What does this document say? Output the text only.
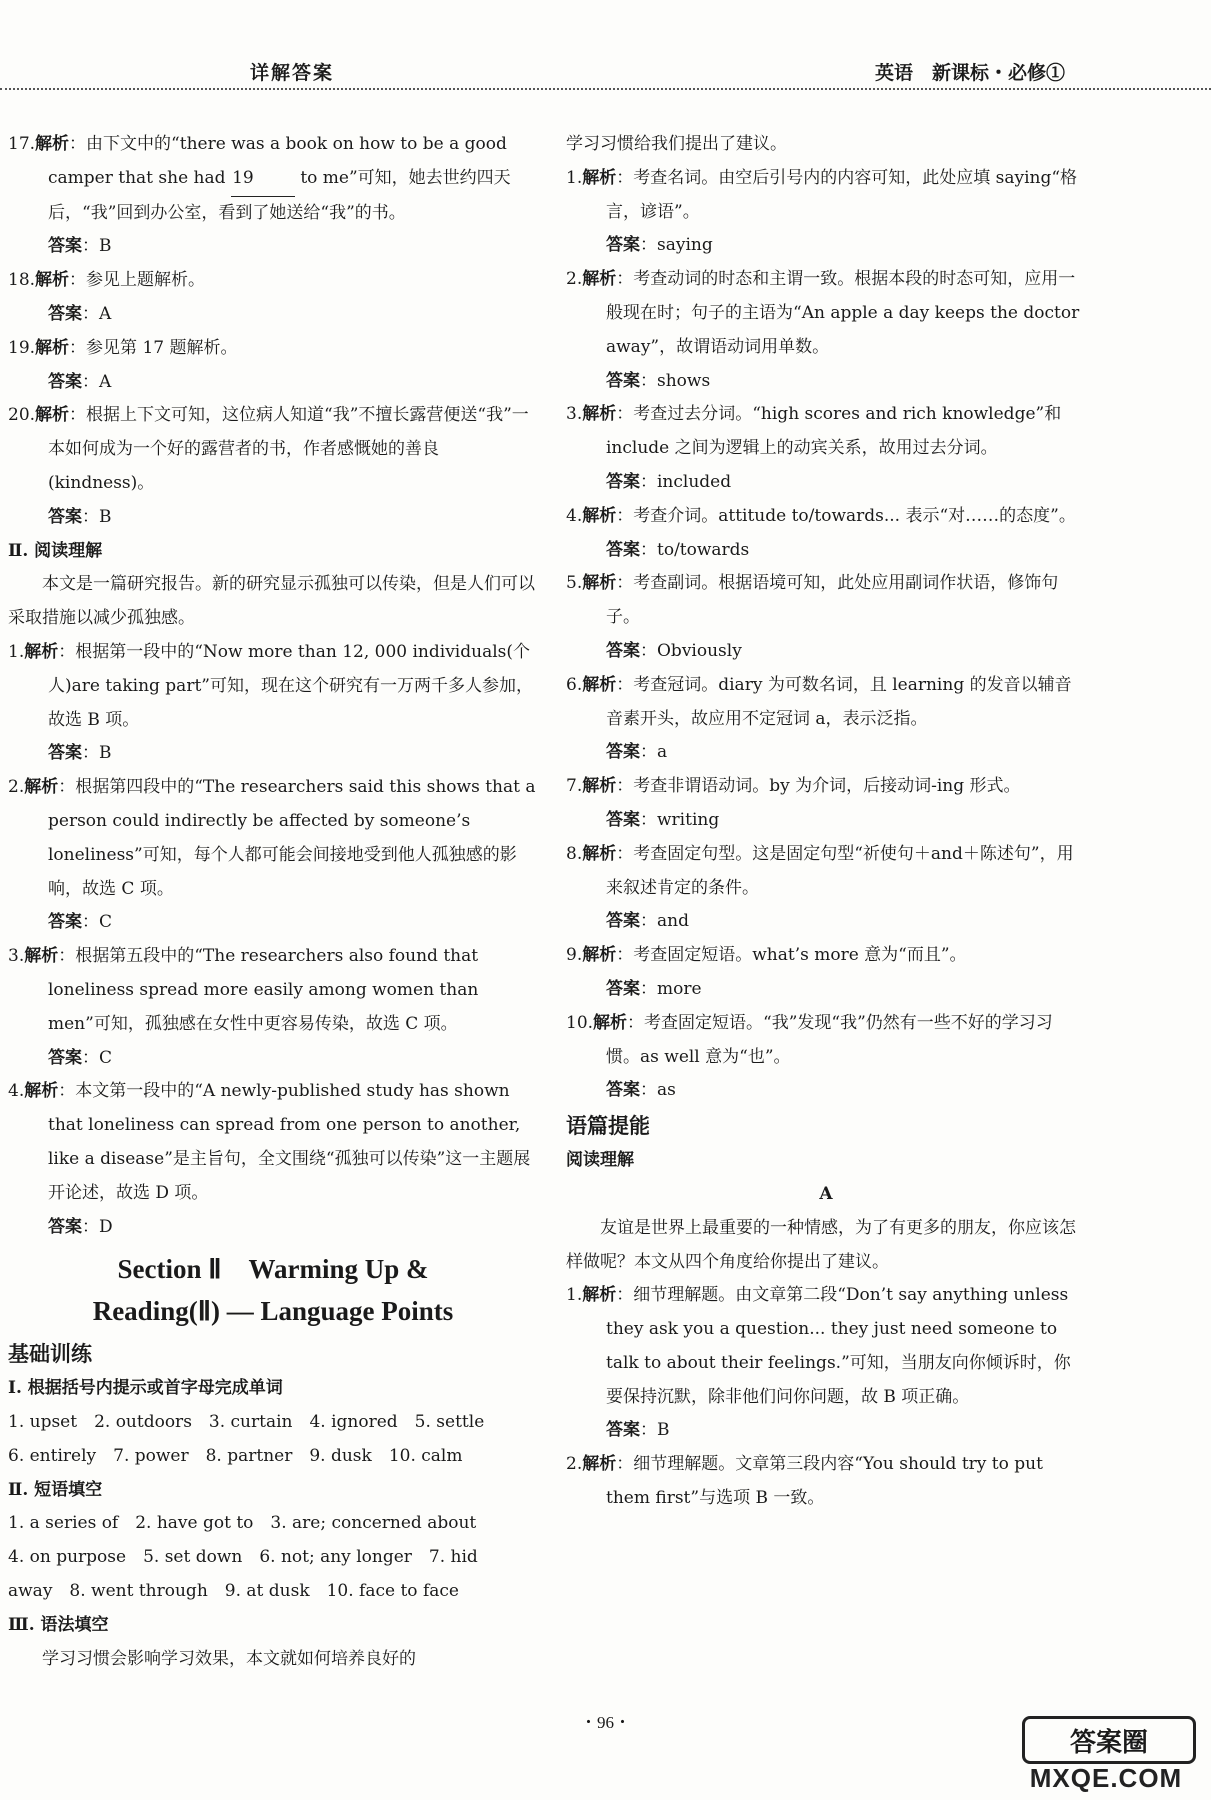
详解答案	英语　新课标・必修①

17.解析：由下文中的“there was a book on how to be a good camper that she had 19 to me”可知，她去世约四天后，“我”回到办公室，看到了她送给“我”的书。

答案：B

18.解析：参见上题解析。

答案：A

19.解析：参见第 17 题解析。

答案：A

20.解析：根据上下文可知，这位病人知道“我”不擅长露营便送“我”一本如何成为一个好的露营者的书，作者感慨她的善良(kindness)。

答案：B

Ⅱ. 阅读理解

本文是一篇研究报告。新的研究显示孤独可以传染，但是人们可以采取措施以减少孤独感。

1.解析：根据第一段中的“Now more than 12, 000 individuals(个人)are taking part”可知，现在这个研究有一万两千多人参加，故选 B 项。

答案：B

2.解析：根据第四段中的“The researchers said this shows that a person could indirectly be affected by someone’s loneliness”可知，每个人都可能会间接地受到他人孤独感的影响，故选 C 项。

答案：C

3.解析：根据第五段中的“The researchers also found that loneliness spread more easily among women than men”可知，孤独感在女性中更容易传染，故选 C 项。

答案：C

4.解析：本文第一段中的“A newly-published study has shown that loneliness can spread from one person to another, like a disease”是主旨句，全文围绕“孤独可以传染”这一主题展开论述，故选 D 项。

答案：D

Section Ⅱ　Warming Up &
Reading(Ⅱ) — Language Points

基础训练

Ⅰ. 根据括号内提示或首字母完成单词

1. upset　2. outdoors　3. curtain　4. ignored　5. settle

6. entirely　7. power　8. partner　9. dusk　10. calm

Ⅱ. 短语填空

1. a series of　2. have got to　3. are; concerned about

4. on purpose　5. set down　6. not; any longer　7. hid

away　8. went through　9. at dusk　10. face to face

Ⅲ. 语法填空

学习习惯会影响学习效果，本文就如何培养良好的

学习习惯给我们提出了建议。

1.解析：考查名词。由空后引号内的内容可知，此处应填 saying“格言，谚语”。

答案：saying

2.解析：考查动词的时态和主谓一致。根据本段的时态可知，应用一般现在时；句子的主语为“An apple a day keeps the doctor away”，故谓语动词用单数。

答案：shows

3.解析：考查过去分词。“high scores and rich knowledge”和 include 之间为逻辑上的动宾关系，故用过去分词。

答案：included

4.解析：考查介词。attitude to/towards... 表示“对……的态度”。

答案：to/towards

5.解析：考查副词。根据语境可知，此处应用副词作状语，修饰句子。

答案：Obviously

6.解析：考查冠词。diary 为可数名词，且 learning 的发音以辅音音素开头，故应用不定冠词 a，表示泛指。

答案：a

7.解析：考查非谓语动词。by 为介词，后接动词-ing 形式。

答案：writing

8.解析：考查固定句型。这是固定句型“祈使句＋and＋陈述句”，用来叙述肯定的条件。

答案：and

9.解析：考查固定短语。what’s more 意为“而且”。

答案：more

10.解析：考查固定短语。“我”发现“我”仍然有一些不好的学习习惯。as well 意为“也”。

答案：as

语篇提能

阅读理解

A

友谊是世界上最重要的一种情感，为了有更多的朋友，你应该怎样做呢？本文从四个角度给你提出了建议。

1.解析：细节理解题。由文章第二段“Don’t say anything unless they ask you a question... they just need someone to talk to about their feelings.”可知，当朋友向你倾诉时，你要保持沉默，除非他们问你问题，故 B 项正确。

答案：B

2.解析：细节理解题。文章第三段内容“You should try to put them first”与选项 B 一致。

・96・
答案圈
MXQE.COM
